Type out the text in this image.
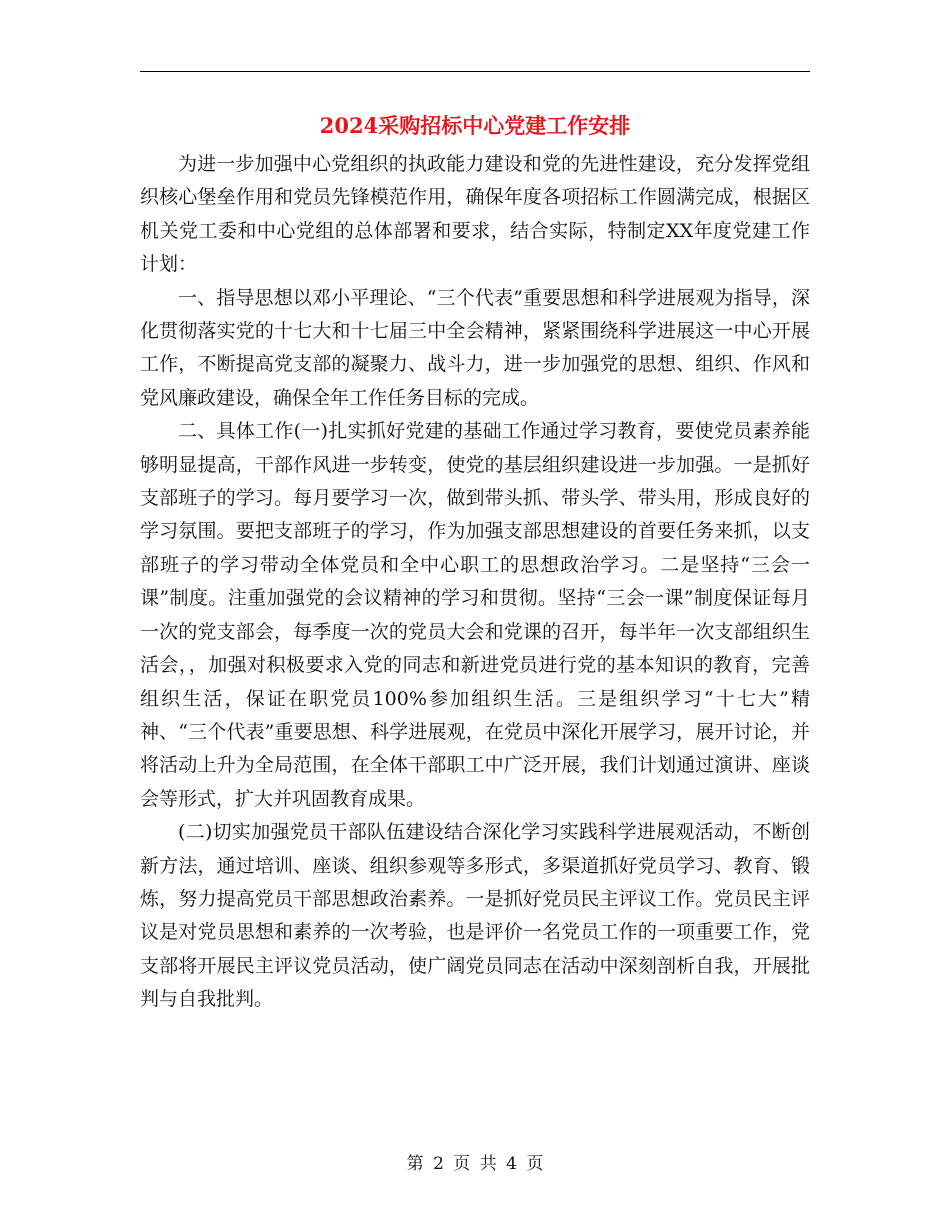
2024采购招标中心党建工作安排

为进一步加强中心党组织的执政能力建设和党的先进性建设，充分发挥党组织核心堡垒作用和党员先锋模范作用，确保年度各项招标工作圆满完成，根据区机关党工委和中心党组的总体部署和要求，结合实际，特制定XX年度党建工作计划：

一、指导思想以邓小平理论、“三个代表”重要思想和科学进展观为指导，深化贯彻落实党的十七大和十七届三中全会精神，紧紧围绕科学进展这一中心开展工作，不断提高党支部的凝聚力、战斗力，进一步加强党的思想、组织、作风和党风廉政建设，确保全年工作任务目标的完成。

二、具体工作(一)扎实抓好党建的基础工作通过学习教育，要使党员素养能够明显提高，干部作风进一步转变，使党的基层组织建设进一步加强。一是抓好支部班子的学习。每月要学习一次，做到带头抓、带头学、带头用，形成良好的学习氛围。要把支部班子的学习，作为加强支部思想建设的首要任务来抓，以支部班子的学习带动全体党员和全中心职工的思想政治学习。二是坚持“三会一课”制度。注重加强党的会议精神的学习和贯彻。坚持“三会一课”制度保证每月一次的党支部会，每季度一次的党员大会和党课的召开，每半年一次支部组织生活会，，加强对积极要求入党的同志和新进党员进行党的基本知识的教育，完善组织生活，保证在职党员100%参加组织生活。三是组织学习“十七大”精神、“三个代表”重要思想、科学进展观，在党员中深化开展学习，展开讨论，并将活动上升为全局范围，在全体干部职工中广泛开展，我们计划通过演讲、座谈会等形式，扩大并巩固教育成果。

(二)切实加强党员干部队伍建设结合深化学习实践科学进展观活动，不断创新方法，通过培训、座谈、组织参观等多形式，多渠道抓好党员学习、教育、锻炼，努力提高党员干部思想政治素养。一是抓好党员民主评议工作。党员民主评议是对党员思想和素养的一次考验，也是评价一名党员工作的一项重要工作，党支部将开展民主评议党员活动，使广阔党员同志在活动中深刻剖析自我，开展批判与自我批判。

第 2 页 共 4 页
